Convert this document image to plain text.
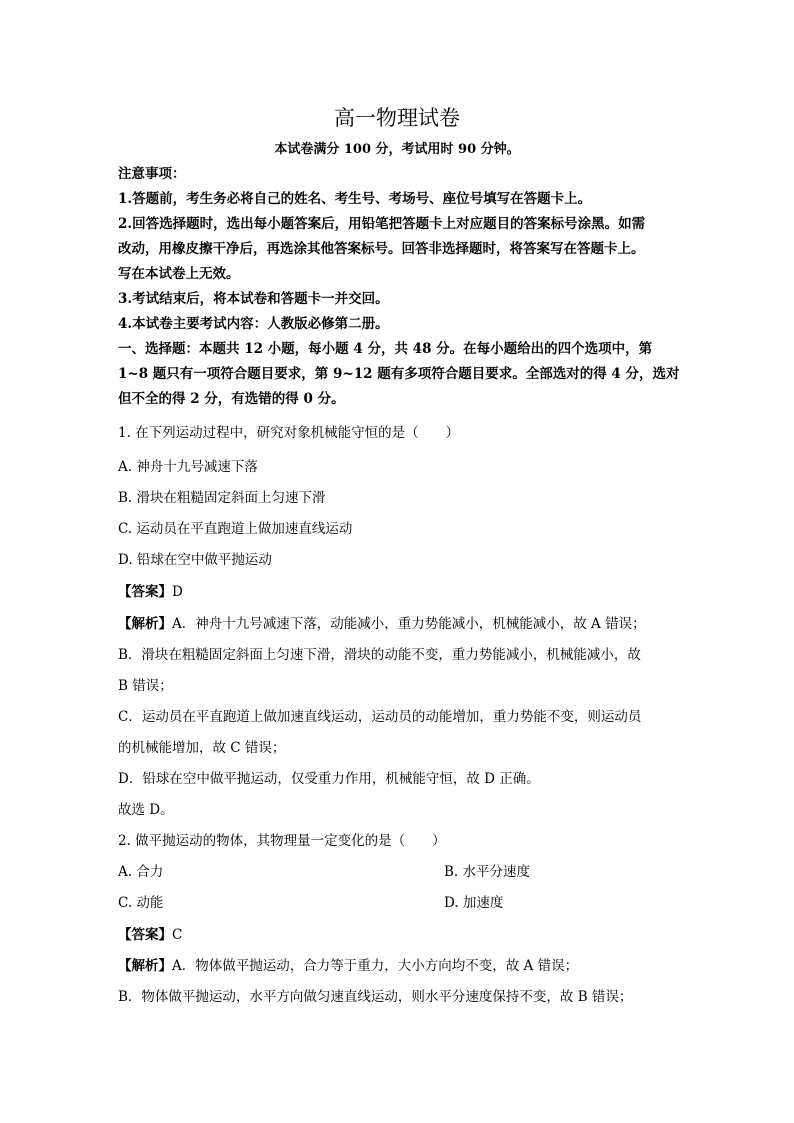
高一物理试卷
本试卷满分 100 分，考试用时 90 分钟。
注意事项：
1.答题前，考生务必将自己的姓名、考生号、考场号、座位号填写在答题卡上。
2.回答选择题时，选出每小题答案后，用铅笔把答题卡上对应题目的答案标号涂黑。如需
改动，用橡皮擦干净后，再选涂其他答案标号。回答非选择题时，将答案写在答题卡上。
写在本试卷上无效。
3.考试结束后，将本试卷和答题卡一并交回。
4.本试卷主要考试内容：人教版必修第二册。
一、选择题：本题共 12 小题，每小题 4 分，共 48 分。在每小题给出的四个选项中，第
1~8 题只有一项符合题目要求，第 9~12 题有多项符合题目要求。全部选对的得 4 分，选对
但不全的得 2 分，有选错的得 0 分。
1. 在下列运动过程中，研究对象机械能守恒的是（　　）
A. 神舟十九号减速下落
B. 滑块在粗糙固定斜面上匀速下滑
C. 运动员在平直跑道上做加速直线运动
D. 铅球在空中做平抛运动
【答案】D
【解析】A．神舟十九号减速下落，动能减小，重力势能减小，机械能减小，故 A 错误；
B．滑块在粗糙固定斜面上匀速下滑，滑块的动能不变，重力势能减小，机械能减小，故
B 错误；
C．运动员在平直跑道上做加速直线运动，运动员的动能增加，重力势能不变，则运动员
的机械能增加，故 C 错误；
D．铅球在空中做平抛运动，仅受重力作用，机械能守恒，故 D 正确。
故选 D。
2. 做平抛运动的物体，其物理量一定变化的是（　　）
A. 合力	B. 水平分速度
C. 动能	D. 加速度
【答案】C
【解析】A．物体做平抛运动，合力等于重力，大小方向均不变，故 A 错误；
B．物体做平抛运动，水平方向做匀速直线运动，则水平分速度保持不变，故 B 错误；
